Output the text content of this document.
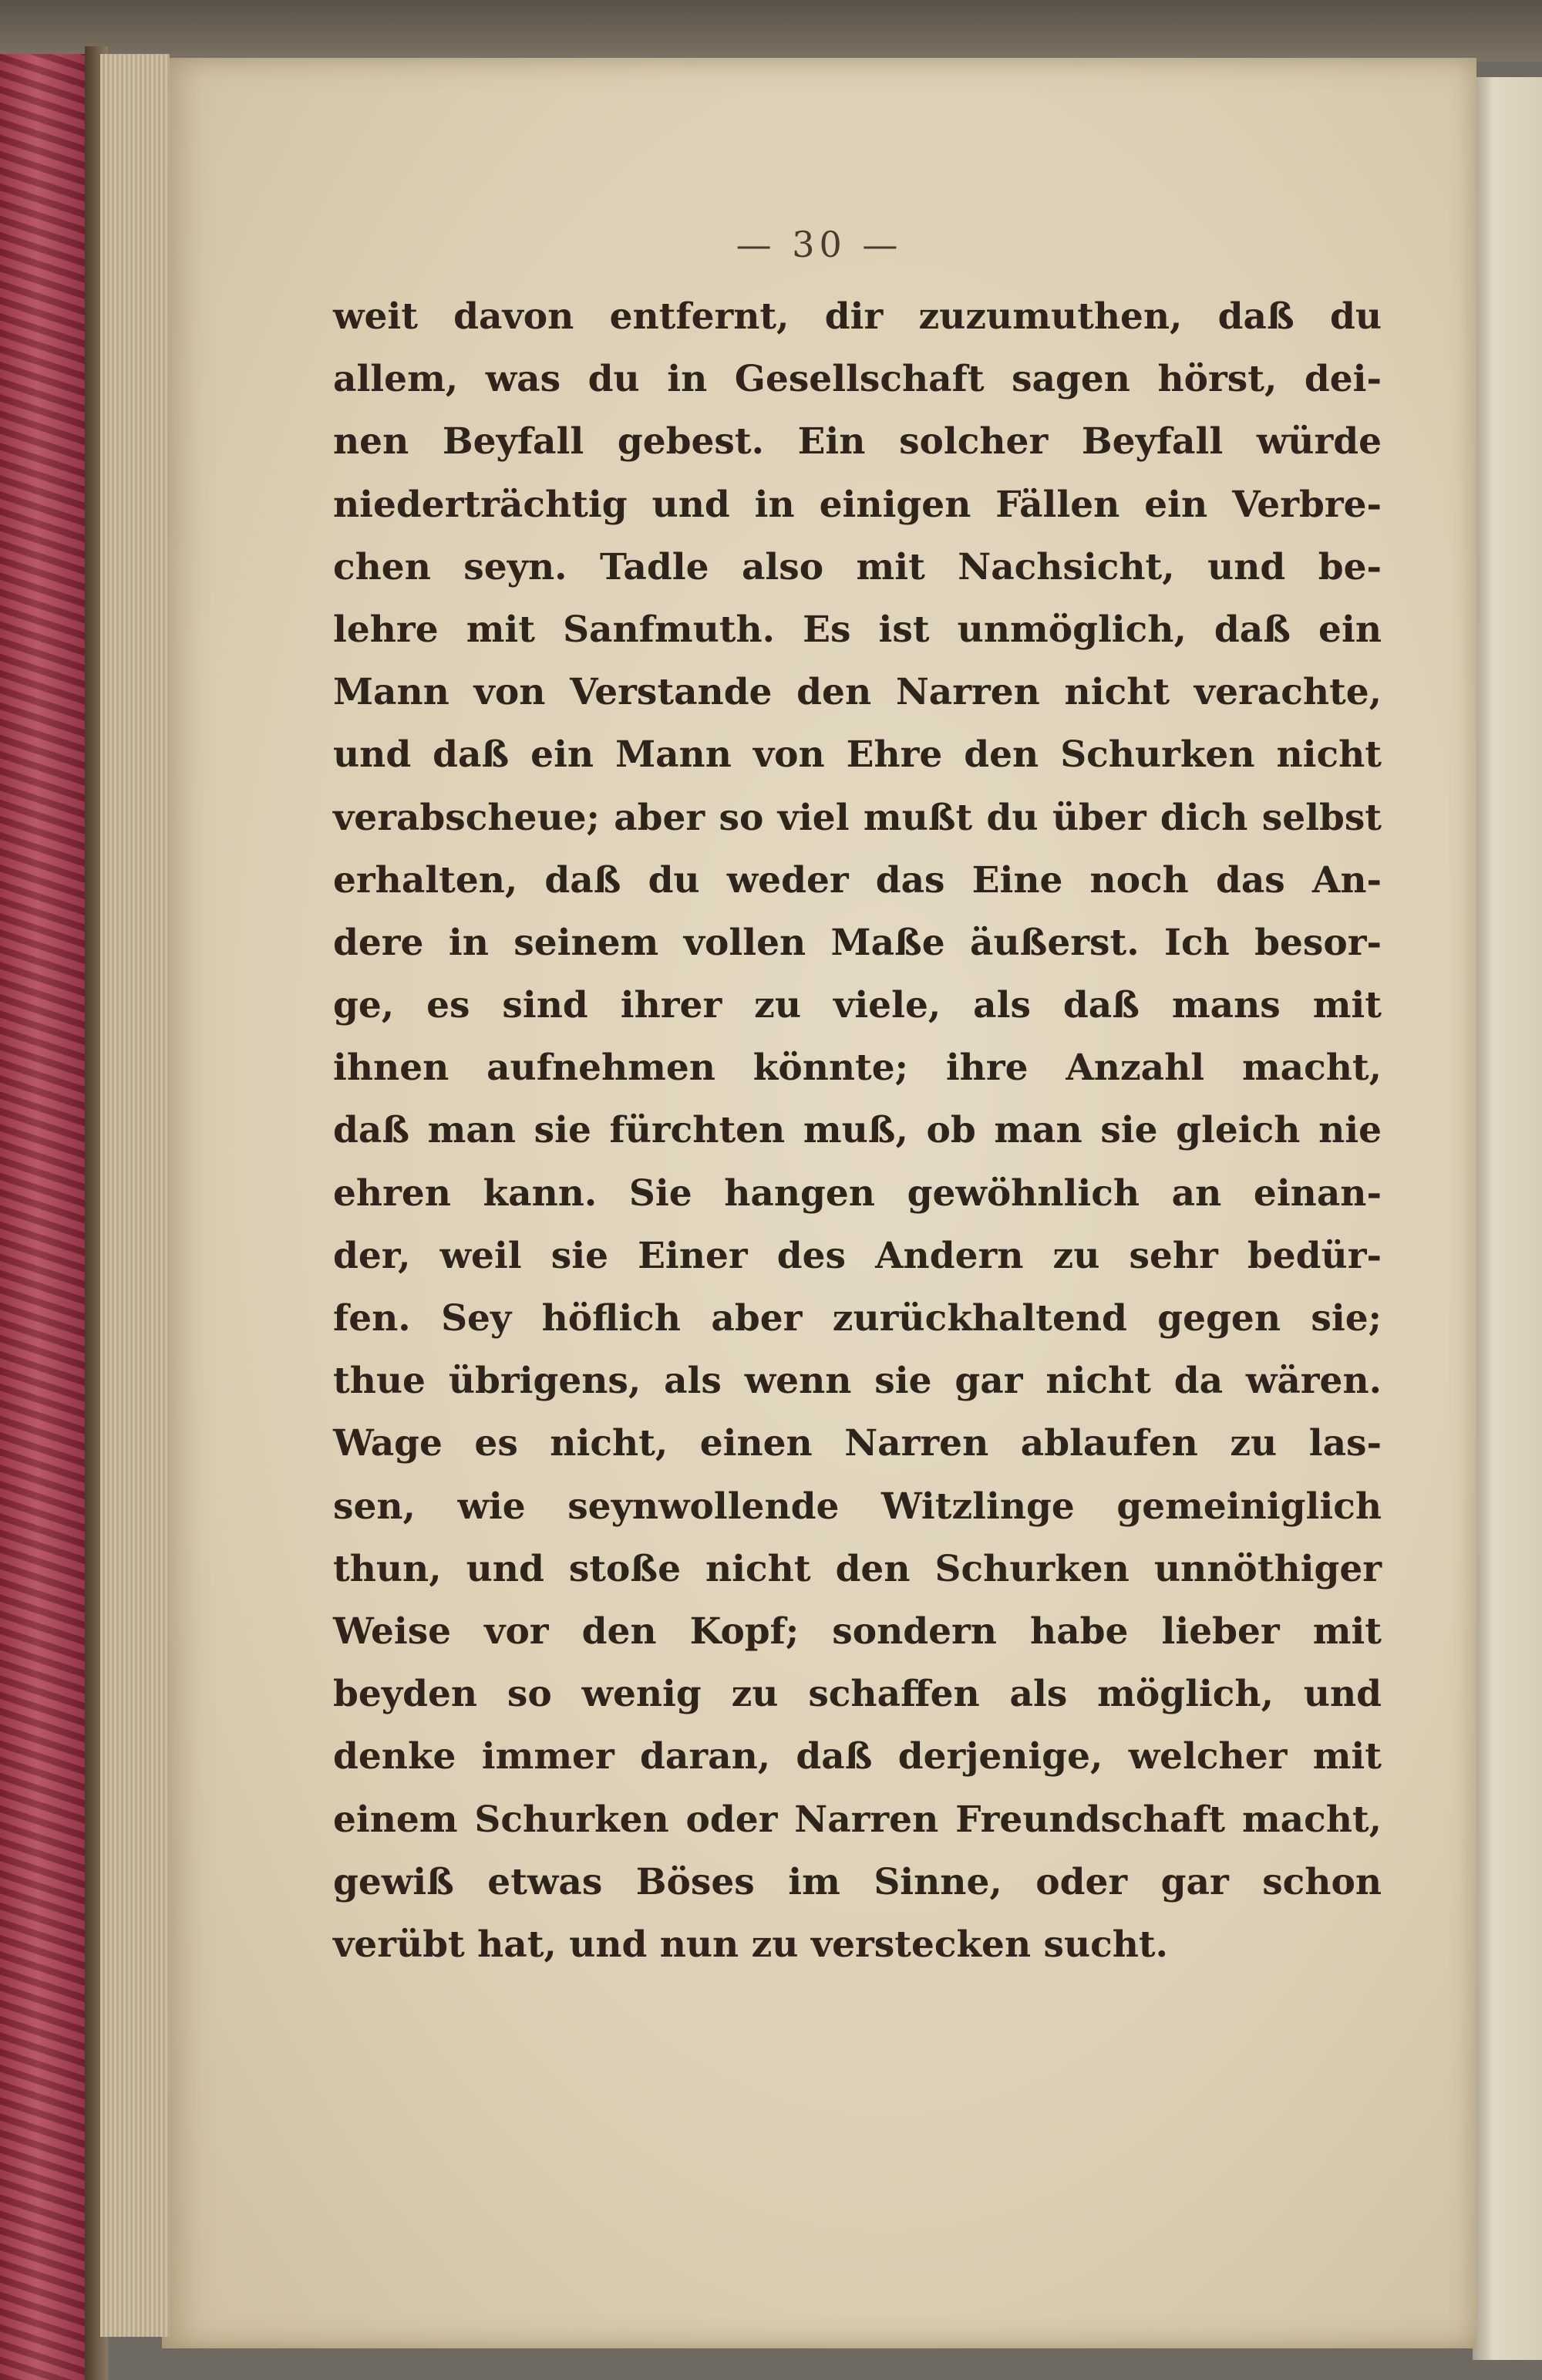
— 30 —
weit davon entfernt, dir zuzumuthen, daß du
allem, was du in Gesellschaft sagen hörst, dei-
nen Beyfall gebest. Ein solcher Beyfall würde
niederträchtig und in einigen Fällen ein Verbre-
chen seyn. Tadle also mit Nachsicht, und be-
lehre mit Sanfmuth. Es ist unmöglich, daß ein
Mann von Verstande den Narren nicht verachte,
und daß ein Mann von Ehre den Schurken nicht
verabscheue; aber so viel mußt du über dich selbst
erhalten, daß du weder das Eine noch das An-
dere in seinem vollen Maße äußerst. Ich besor-
ge, es sind ihrer zu viele, als daß mans mit
ihnen aufnehmen könnte; ihre Anzahl macht,
daß man sie fürchten muß, ob man sie gleich nie
ehren kann. Sie hangen gewöhnlich an einan-
der, weil sie Einer des Andern zu sehr bedür-
fen. Sey höflich aber zurückhaltend gegen sie;
thue übrigens, als wenn sie gar nicht da wären.
Wage es nicht, einen Narren ablaufen zu las-
sen, wie seynwollende Witzlinge gemeiniglich
thun, und stoße nicht den Schurken unnöthiger
Weise vor den Kopf; sondern habe lieber mit
beyden so wenig zu schaffen als möglich, und
denke immer daran, daß derjenige, welcher mit
einem Schurken oder Narren Freundschaft macht,
gewiß etwas Böses im Sinne, oder gar schon
verübt hat, und nun zu verstecken sucht.
